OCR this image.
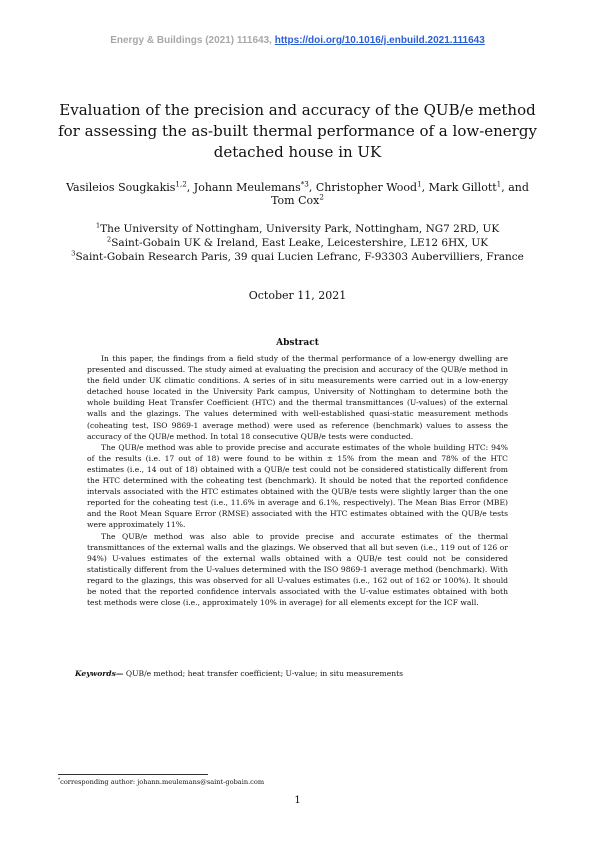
Energy & Buildings (2021) 111643, https://doi.org/10.1016/j.enbuild.2021.111643
Evaluation of the precision and accuracy of the QUB/e method for assessing the as-built thermal performance of a low-energy detached house in UK
Vasileios Sougkakis$^{1,2}$, Johann Meulemans$^{*3}$, Christopher Wood$^1$, Mark Gillott$^1$, and Tom Cox$^2$
$^1$The University of Nottingham, University Park, Nottingham, NG7 2RD, UK
$^2$Saint-Gobain UK & Ireland, East Leake, Leicestershire, LE12 6HX, UK
$^3$Saint-Gobain Research Paris, 39 quai Lucien Lefranc, F-93303 Aubervilliers, France
October 11, 2021
Abstract

In this paper, the findings from a field study of the thermal performance of a low-energy dwelling are presented and discussed. The study aimed at evaluating the precision and accuracy of the QUB/e method in the field under UK climatic conditions. A series of in situ measurements were carried out in a low-energy detached house located in the University Park campus, University of Nottingham to determine both the whole building Heat Transfer Coefficient (HTC) and the thermal transmittances (U-values) of the external walls and the glazings. The values determined with well-established quasi-static measurement methods (coheating test, ISO 9869-1 average method) were used as reference (benchmark) values to assess the accuracy of the QUB/e method. In total 18 consecutive QUB/e tests were conducted.

The QUB/e method was able to provide precise and accurate estimates of the whole building HTC: 94% of the results (i.e. 17 out of 18) were found to be within ± 15% from the mean and 78% of the HTC estimates (i.e., 14 out of 18) obtained with a QUB/e test could not be considered statistically different from the HTC determined with the coheating test (benchmark). It should be noted that the reported confidence intervals associated with the HTC estimates obtained with the QUB/e tests were slightly larger than the one reported for the coheating test (i.e., 11.6% in average and 6.1%, respectively). The Mean Bias Error (MBE) and the Root Mean Square Error (RMSE) associated with the HTC estimates obtained with the QUB/e tests were approximately 11%.

The QUB/e method was also able to provide precise and accurate estimates of the thermal transmittances of the external walls and the glazings. We observed that all but seven (i.e., 119 out of 126 or 94%) U-values estimates of the external walls obtained with a QUB/e test could not be considered statistically different from the U-values determined with the ISO 9869-1 average method (benchmark). With regard to the glazings, this was observed for all U-values estimates (i.e., 162 out of 162 or 100%). It should be noted that the reported confidence intervals associated with the U-value estimates obtained with both test methods were close (i.e., approximately 10% in average) for all elements except for the ICF wall.

Keywords— QUB/e method; heat transfer coefficient; U-value; in situ measurements
*corresponding author: johann.meulemans@saint-gobain.com
1
